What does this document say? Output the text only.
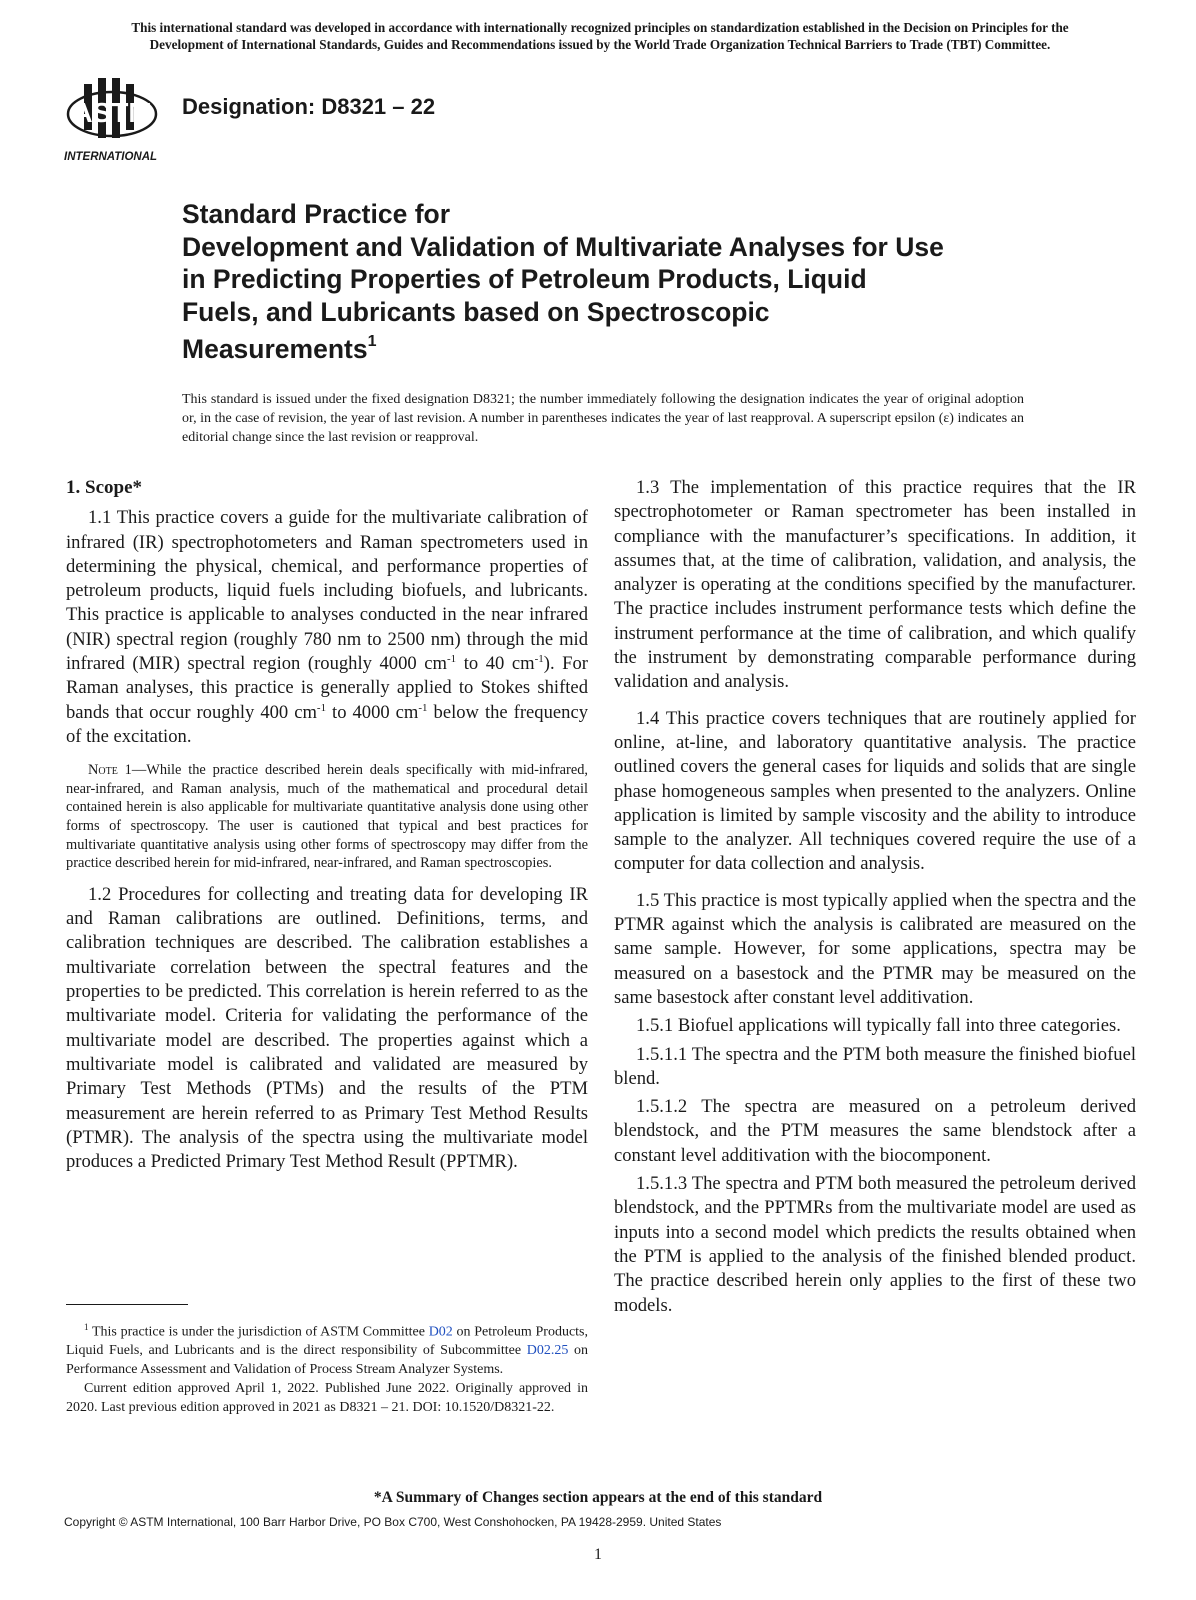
This international standard was developed in accordance with internationally recognized principles on standardization established in the Decision on Principles for the
Development of International Standards, Guides and Recommendations issued by the World Trade Organization Technical Barriers to Trade (TBT) Committee.
ASTM
INTERNATIONAL
Designation: D8321 – 22
Standard Practice for
Development and Validation of Multivariate Analyses for Use
in Predicting Properties of Petroleum Products, Liquid
Fuels, and Lubricants based on Spectroscopic
Measurements$^1$
This standard is issued under the fixed designation D8321; the number immediately following the designation indicates the year of original adoption or, in the case of revision, the year of last revision. A number in parentheses indicates the year of last reapproval. A superscript epsilon (ε) indicates an editorial change since the last revision or reapproval.
1. Scope*

1.1 This practice covers a guide for the multivariate calibration of infrared (IR) spectrophotometers and Raman spectrometers used in determining the physical, chemical, and performance properties of petroleum products, liquid fuels including biofuels, and lubricants. This practice is applicable to analyses conducted in the near infrared (NIR) spectral region (roughly 780 nm to 2500 nm) through the mid infrared (MIR) spectral region (roughly 4000 $cm^{-1}$ to 40 $cm^{-1}$). For Raman analyses, this practice is generally applied to Stokes shifted bands that occur roughly 400 $cm^{-1}$ to 4000 $cm^{-1}$ below the frequency of the excitation.

Note 1—While the practice described herein deals specifically with mid-infrared, near-infrared, and Raman analysis, much of the mathematical and procedural detail contained herein is also applicable for multivariate quantitative analysis done using other forms of spectroscopy. The user is cautioned that typical and best practices for multivariate quantitative analysis using other forms of spectroscopy may differ from the practice described herein for mid-infrared, near-infrared, and Raman spectroscopies.

1.2 Procedures for collecting and treating data for developing IR and Raman calibrations are outlined. Definitions, terms, and calibration techniques are described. The calibration establishes a multivariate correlation between the spectral features and the properties to be predicted. This correlation is herein referred to as the multivariate model. Criteria for validating the performance of the multivariate model are described. The properties against which a multivariate model is calibrated and validated are measured by Primary Test Methods (PTMs) and the results of the PTM measurement are herein referred to as Primary Test Method Results (PTMR). The analysis of the spectra using the multivariate model produces a Predicted Primary Test Method Result (PPTMR).

$^1$ This practice is under the jurisdiction of ASTM Committee D02 on Petroleum Products, Liquid Fuels, and Lubricants and is the direct responsibility of Subcommittee D02.25 on Performance Assessment and Validation of Process Stream Analyzer Systems.

Current edition approved April 1, 2022. Published June 2022. Originally approved in 2020. Last previous edition approved in 2021 as D8321 – 21. DOI: 10.1520/D8321-22.

1.3 The implementation of this practice requires that the IR spectrophotometer or Raman spectrometer has been installed in compliance with the manufacturer’s specifications. In addition, it assumes that, at the time of calibration, validation, and analysis, the analyzer is operating at the conditions specified by the manufacturer. The practice includes instrument performance tests which define the instrument performance at the time of calibration, and which qualify the instrument by demonstrating comparable performance during validation and analysis.

1.4 This practice covers techniques that are routinely applied for online, at-line, and laboratory quantitative analysis. The practice outlined covers the general cases for liquids and solids that are single phase homogeneous samples when presented to the analyzers. Online application is limited by sample viscosity and the ability to introduce sample to the analyzer. All techniques covered require the use of a computer for data collection and analysis.

1.5 This practice is most typically applied when the spectra and the PTMR against which the analysis is calibrated are measured on the same sample. However, for some applications, spectra may be measured on a basestock and the PTMR may be measured on the same basestock after constant level additivation.

1.5.1 Biofuel applications will typically fall into three categories.

1.5.1.1 The spectra and the PTM both measure the finished biofuel blend.

1.5.1.2 The spectra are measured on a petroleum derived blendstock, and the PTM measures the same blendstock after a constant level additivation with the biocomponent.

1.5.1.3 The spectra and PTM both measured the petroleum derived blendstock, and the PPTMRs from the multivariate model are used as inputs into a second model which predicts the results obtained when the PTM is applied to the analysis of the finished blended product. The practice described herein only applies to the first of these two models.

*A Summary of Changes section appears at the end of this standard
Copyright © ASTM International, 100 Barr Harbor Drive, PO Box C700, West Conshohocken, PA 19428-2959. United States
1
